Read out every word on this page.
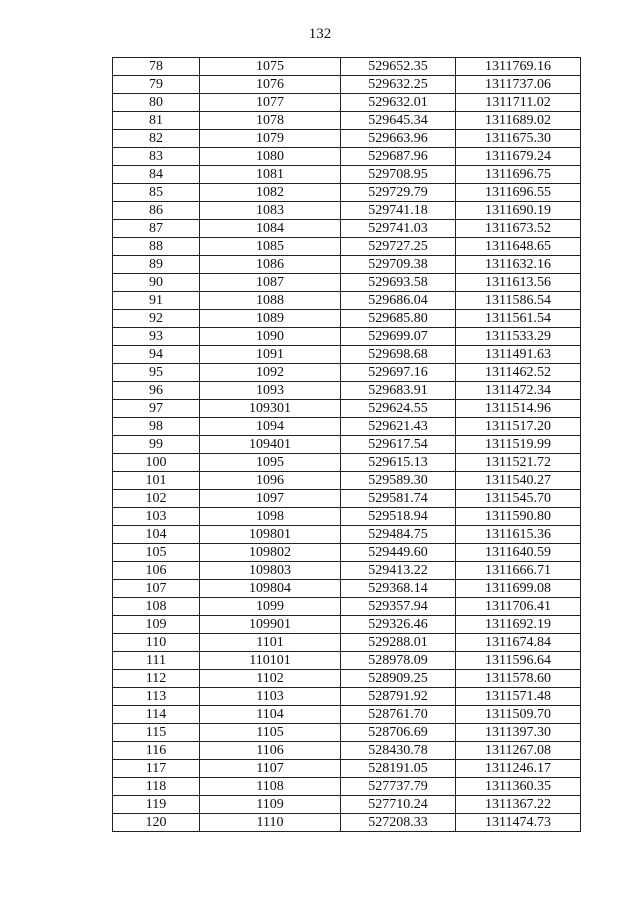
132
78	1075	529652.35	1311769.16
79	1076	529632.25	1311737.06
80	1077	529632.01	1311711.02
81	1078	529645.34	1311689.02
82	1079	529663.96	1311675.30
83	1080	529687.96	1311679.24
84	1081	529708.95	1311696.75
85	1082	529729.79	1311696.55
86	1083	529741.18	1311690.19
87	1084	529741.03	1311673.52
88	1085	529727.25	1311648.65
89	1086	529709.38	1311632.16
90	1087	529693.58	1311613.56
91	1088	529686.04	1311586.54
92	1089	529685.80	1311561.54
93	1090	529699.07	1311533.29
94	1091	529698.68	1311491.63
95	1092	529697.16	1311462.52
96	1093	529683.91	1311472.34
97	109301	529624.55	1311514.96
98	1094	529621.43	1311517.20
99	109401	529617.54	1311519.99
100	1095	529615.13	1311521.72
101	1096	529589.30	1311540.27
102	1097	529581.74	1311545.70
103	1098	529518.94	1311590.80
104	109801	529484.75	1311615.36
105	109802	529449.60	1311640.59
106	109803	529413.22	1311666.71
107	109804	529368.14	1311699.08
108	1099	529357.94	1311706.41
109	109901	529326.46	1311692.19
110	1101	529288.01	1311674.84
111	110101	528978.09	1311596.64
112	1102	528909.25	1311578.60
113	1103	528791.92	1311571.48
114	1104	528761.70	1311509.70
115	1105	528706.69	1311397.30
116	1106	528430.78	1311267.08
117	1107	528191.05	1311246.17
118	1108	527737.79	1311360.35
119	1109	527710.24	1311367.22
120	1110	527208.33	1311474.73
